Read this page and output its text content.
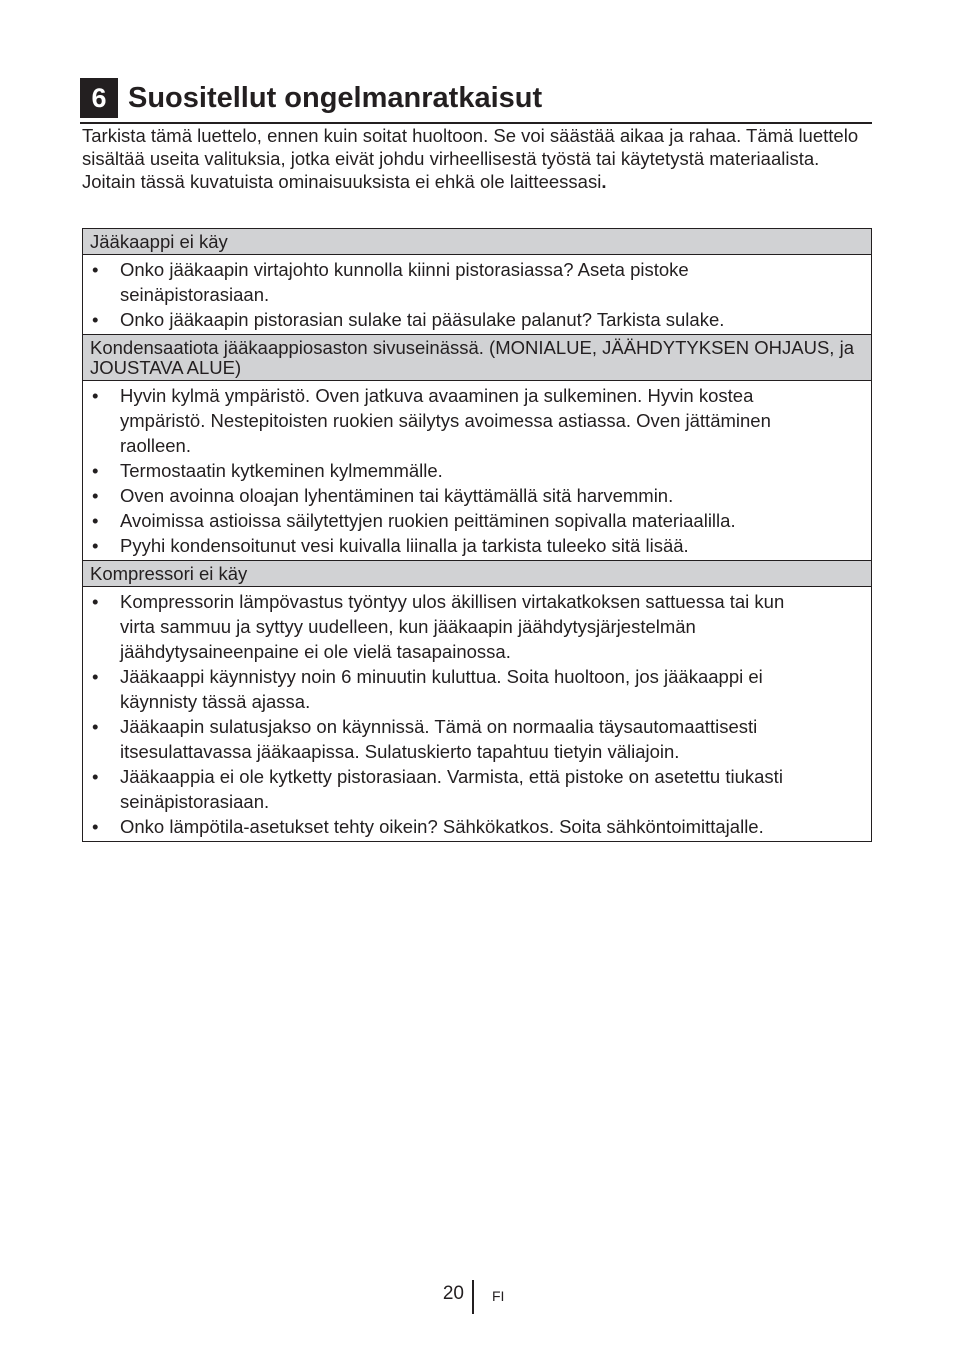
6 Suositellut ongelmanratkaisut

Tarkista tämä luettelo, ennen kuin soitat huoltoon. Se voi säästää aikaa ja rahaa. Tämä luettelo sisältää useita valituksia, jotka eivät johdu virheellisestä työstä tai käytetystä materiaalista. Joitain tässä kuvatuista ominaisuuksista ei ehkä ole laitteessasi.

Jääkaappi ei käy
• Onko jääkaapin virtajohto kunnolla kiinni pistorasiassa? Aseta pistoke seinäpistorasiaan.
• Onko jääkaapin pistorasian sulake tai pääsulake palanut? Tarkista sulake.
Kondensaatiota jääkaappiosaston sivuseinässä. (MONIALUE, JÄÄHDYTYKSEN OHJAUS, ja JOUSTAVA ALUE)
• Hyvin kylmä ympäristö. Oven jatkuva avaaminen ja sulkeminen. Hyvin kostea ympäristö. Nestepitoisten ruokien säilytys avoimessa astiassa. Oven jättäminen raolleen.
• Termostaatin kytkeminen kylmemmälle.
• Oven avoinna oloajan lyhentäminen tai käyttämällä sitä harvemmin.
• Avoimissa astioissa säilytettyjen ruokien peittäminen sopivalla materiaalilla.
• Pyyhi kondensoitunut vesi kuivalla liinalla ja tarkista tuleeko sitä lisää.
Kompressori ei käy
• Kompressorin lämpövastus työntyy ulos äkillisen virtakatkoksen sattuessa tai kun virta sammuu ja syttyy uudelleen, kun jääkaapin jäähdytysjärjestelmän jäähdytysaineenpaine ei ole vielä tasapainossa.
• Jääkaappi käynnistyy noin 6 minuutin kuluttua. Soita huoltoon, jos jääkaappi ei käynnisty tässä ajassa.
• Jääkaapin sulatusjakso on käynnissä. Tämä on normaalia täysautomaattisesti itsesulattavassa jääkaapissa. Sulatuskierto tapahtuu tietyin väliajoin.
• Jääkaappia ei ole kytketty pistorasiaan. Varmista, että pistoke on asetettu tiukasti seinäpistorasiaan.
• Onko lämpötila-asetukset tehty oikein? Sähkökatkos. Soita sähköntoimittajalle.
20 FI
